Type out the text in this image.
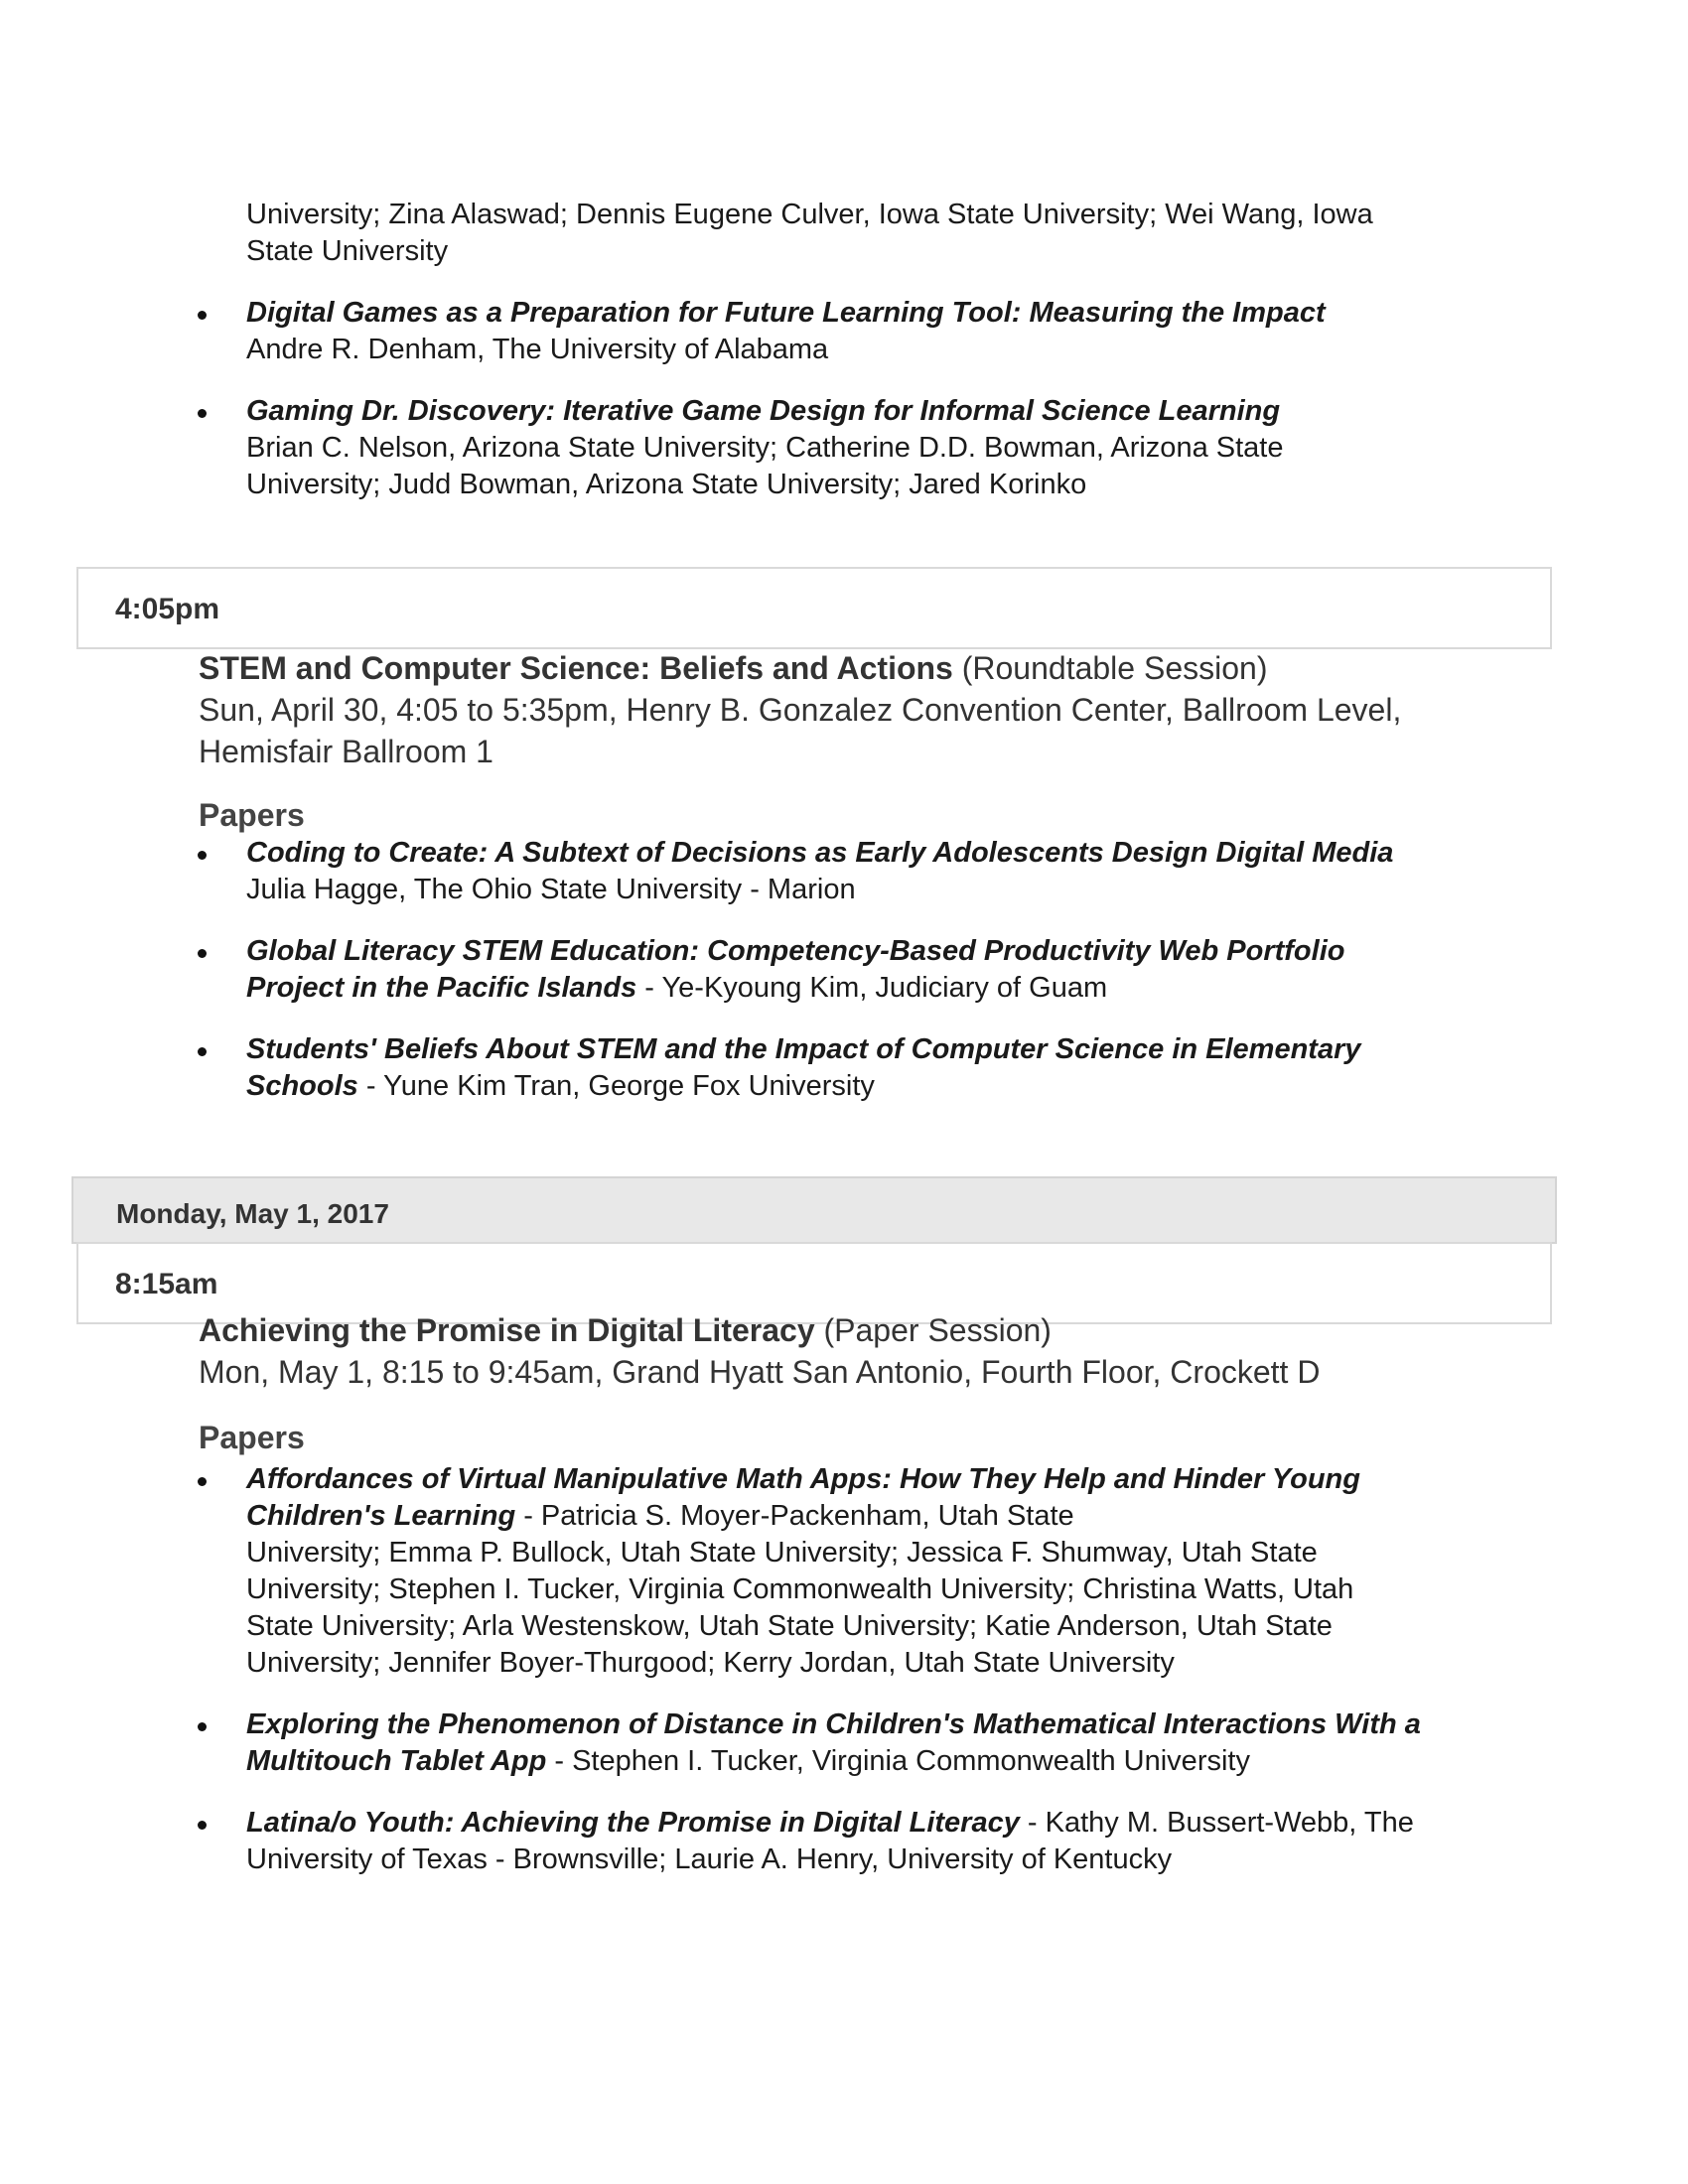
University; Zina Alaswad; Dennis Eugene Culver, Iowa State University; Wei Wang, Iowa
State University
Digital Games as a Preparation for Future Learning Tool: Measuring the Impact
Andre R. Denham, The University of Alabama
Gaming Dr. Discovery: Iterative Game Design for Informal Science Learning
Brian C. Nelson, Arizona State University; Catherine D.D. Bowman, Arizona State
University; Judd Bowman, Arizona State University; Jared Korinko
4:05pm
STEM and Computer Science: Beliefs and Actions (Roundtable Session)
Sun, April 30, 4:05 to 5:35pm, Henry B. Gonzalez Convention Center, Ballroom Level,
Hemisfair Ballroom 1
Papers
Coding to Create: A Subtext of Decisions as Early Adolescents Design Digital Media
Julia Hagge, The Ohio State University - Marion
Global Literacy STEM Education: Competency-Based Productivity Web Portfolio
Project in the Pacific Islands - Ye-Kyoung Kim, Judiciary of Guam
Students' Beliefs About STEM and the Impact of Computer Science in Elementary
Schools - Yune Kim Tran, George Fox University
Monday, May 1, 2017
8:15am
Achieving the Promise in Digital Literacy (Paper Session)
Mon, May 1, 8:15 to 9:45am, Grand Hyatt San Antonio, Fourth Floor, Crockett D
Papers
Affordances of Virtual Manipulative Math Apps: How They Help and Hinder Young
Children's Learning - Patricia S. Moyer-Packenham, Utah State
University; Emma P. Bullock, Utah State University; Jessica F. Shumway, Utah State
University; Stephen I. Tucker, Virginia Commonwealth University; Christina Watts, Utah
State University; Arla Westenskow, Utah State University; Katie Anderson, Utah State
University; Jennifer Boyer-Thurgood; Kerry Jordan, Utah State University
Exploring the Phenomenon of Distance in Children's Mathematical Interactions With a
Multitouch Tablet App - Stephen I. Tucker, Virginia Commonwealth University
Latina/o Youth: Achieving the Promise in Digital Literacy - Kathy M. Bussert-Webb, The
University of Texas - Brownsville; Laurie A. Henry, University of Kentucky
